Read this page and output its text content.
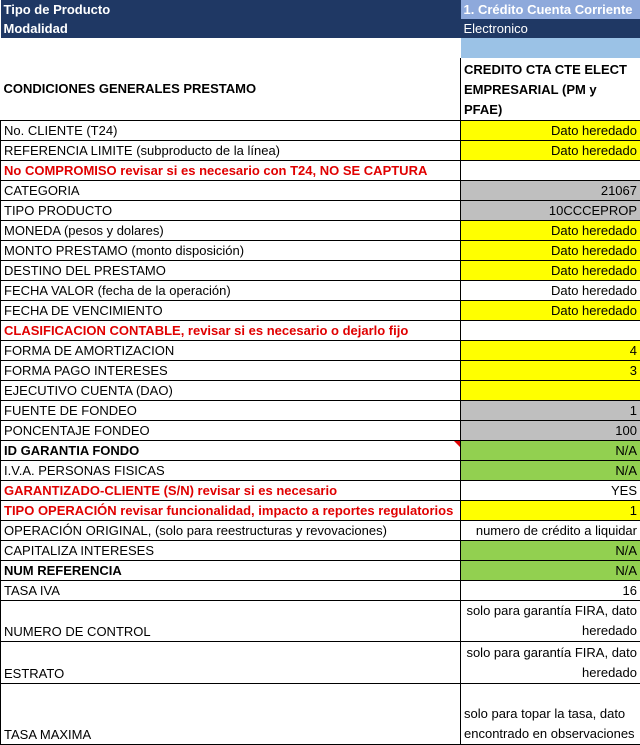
Tipo de Producto	1. Crédito Cuenta Corriente
Modalidad	Electronico

CONDICIONES GENERALES PRESTAMO	CREDITO CTA CTE ELECT
EMPRESARIAL (PM y PFAE)

No. CLIENTE (T24)	Dato heredado
REFERENCIA LIMITE (subproducto de la línea)	Dato heredado
No COMPROMISO revisar si es necesario con T24, NO SE CAPTURA	
CATEGORIA	21067
TIPO PRODUCTO	10CCCEPROP
MONEDA (pesos y dolares)	Dato heredado
MONTO PRESTAMO (monto disposición)	Dato heredado
DESTINO DEL PRESTAMO	Dato heredado
FECHA VALOR (fecha de la operación)	Dato heredado
FECHA DE VENCIMIENTO	Dato heredado
CLASIFICACION CONTABLE, revisar si es necesario o dejarlo fijo	
FORMA DE AMORTIZACION	4
FORMA PAGO INTERESES	3
EJECUTIVO CUENTA (DAO)	
FUENTE DE FONDEO	1
PONCENTAJE FONDEO	100
ID GARANTIA FONDO	N/A
I.V.A. PERSONAS FISICAS	N/A
GARANTIZADO-CLIENTE (S/N) revisar si es necesario	YES
TIPO OPERACIÓN revisar funcionalidad, impacto a reportes regulatorios	1
OPERACIÓN ORIGINAL, (solo para reestructuras y revovaciones)	numero de crédito a liquidar
CAPITALIZA INTERESES	N/A
NUM REFERENCIA	N/A
TASA IVA	16
NUMERO DE CONTROL	solo para garantía FIRA, dato heredado
ESTRATO	solo para garantía FIRA, dato heredado
TASA MAXIMA	solo para topar la tasa, dato encontrado en observaciones
